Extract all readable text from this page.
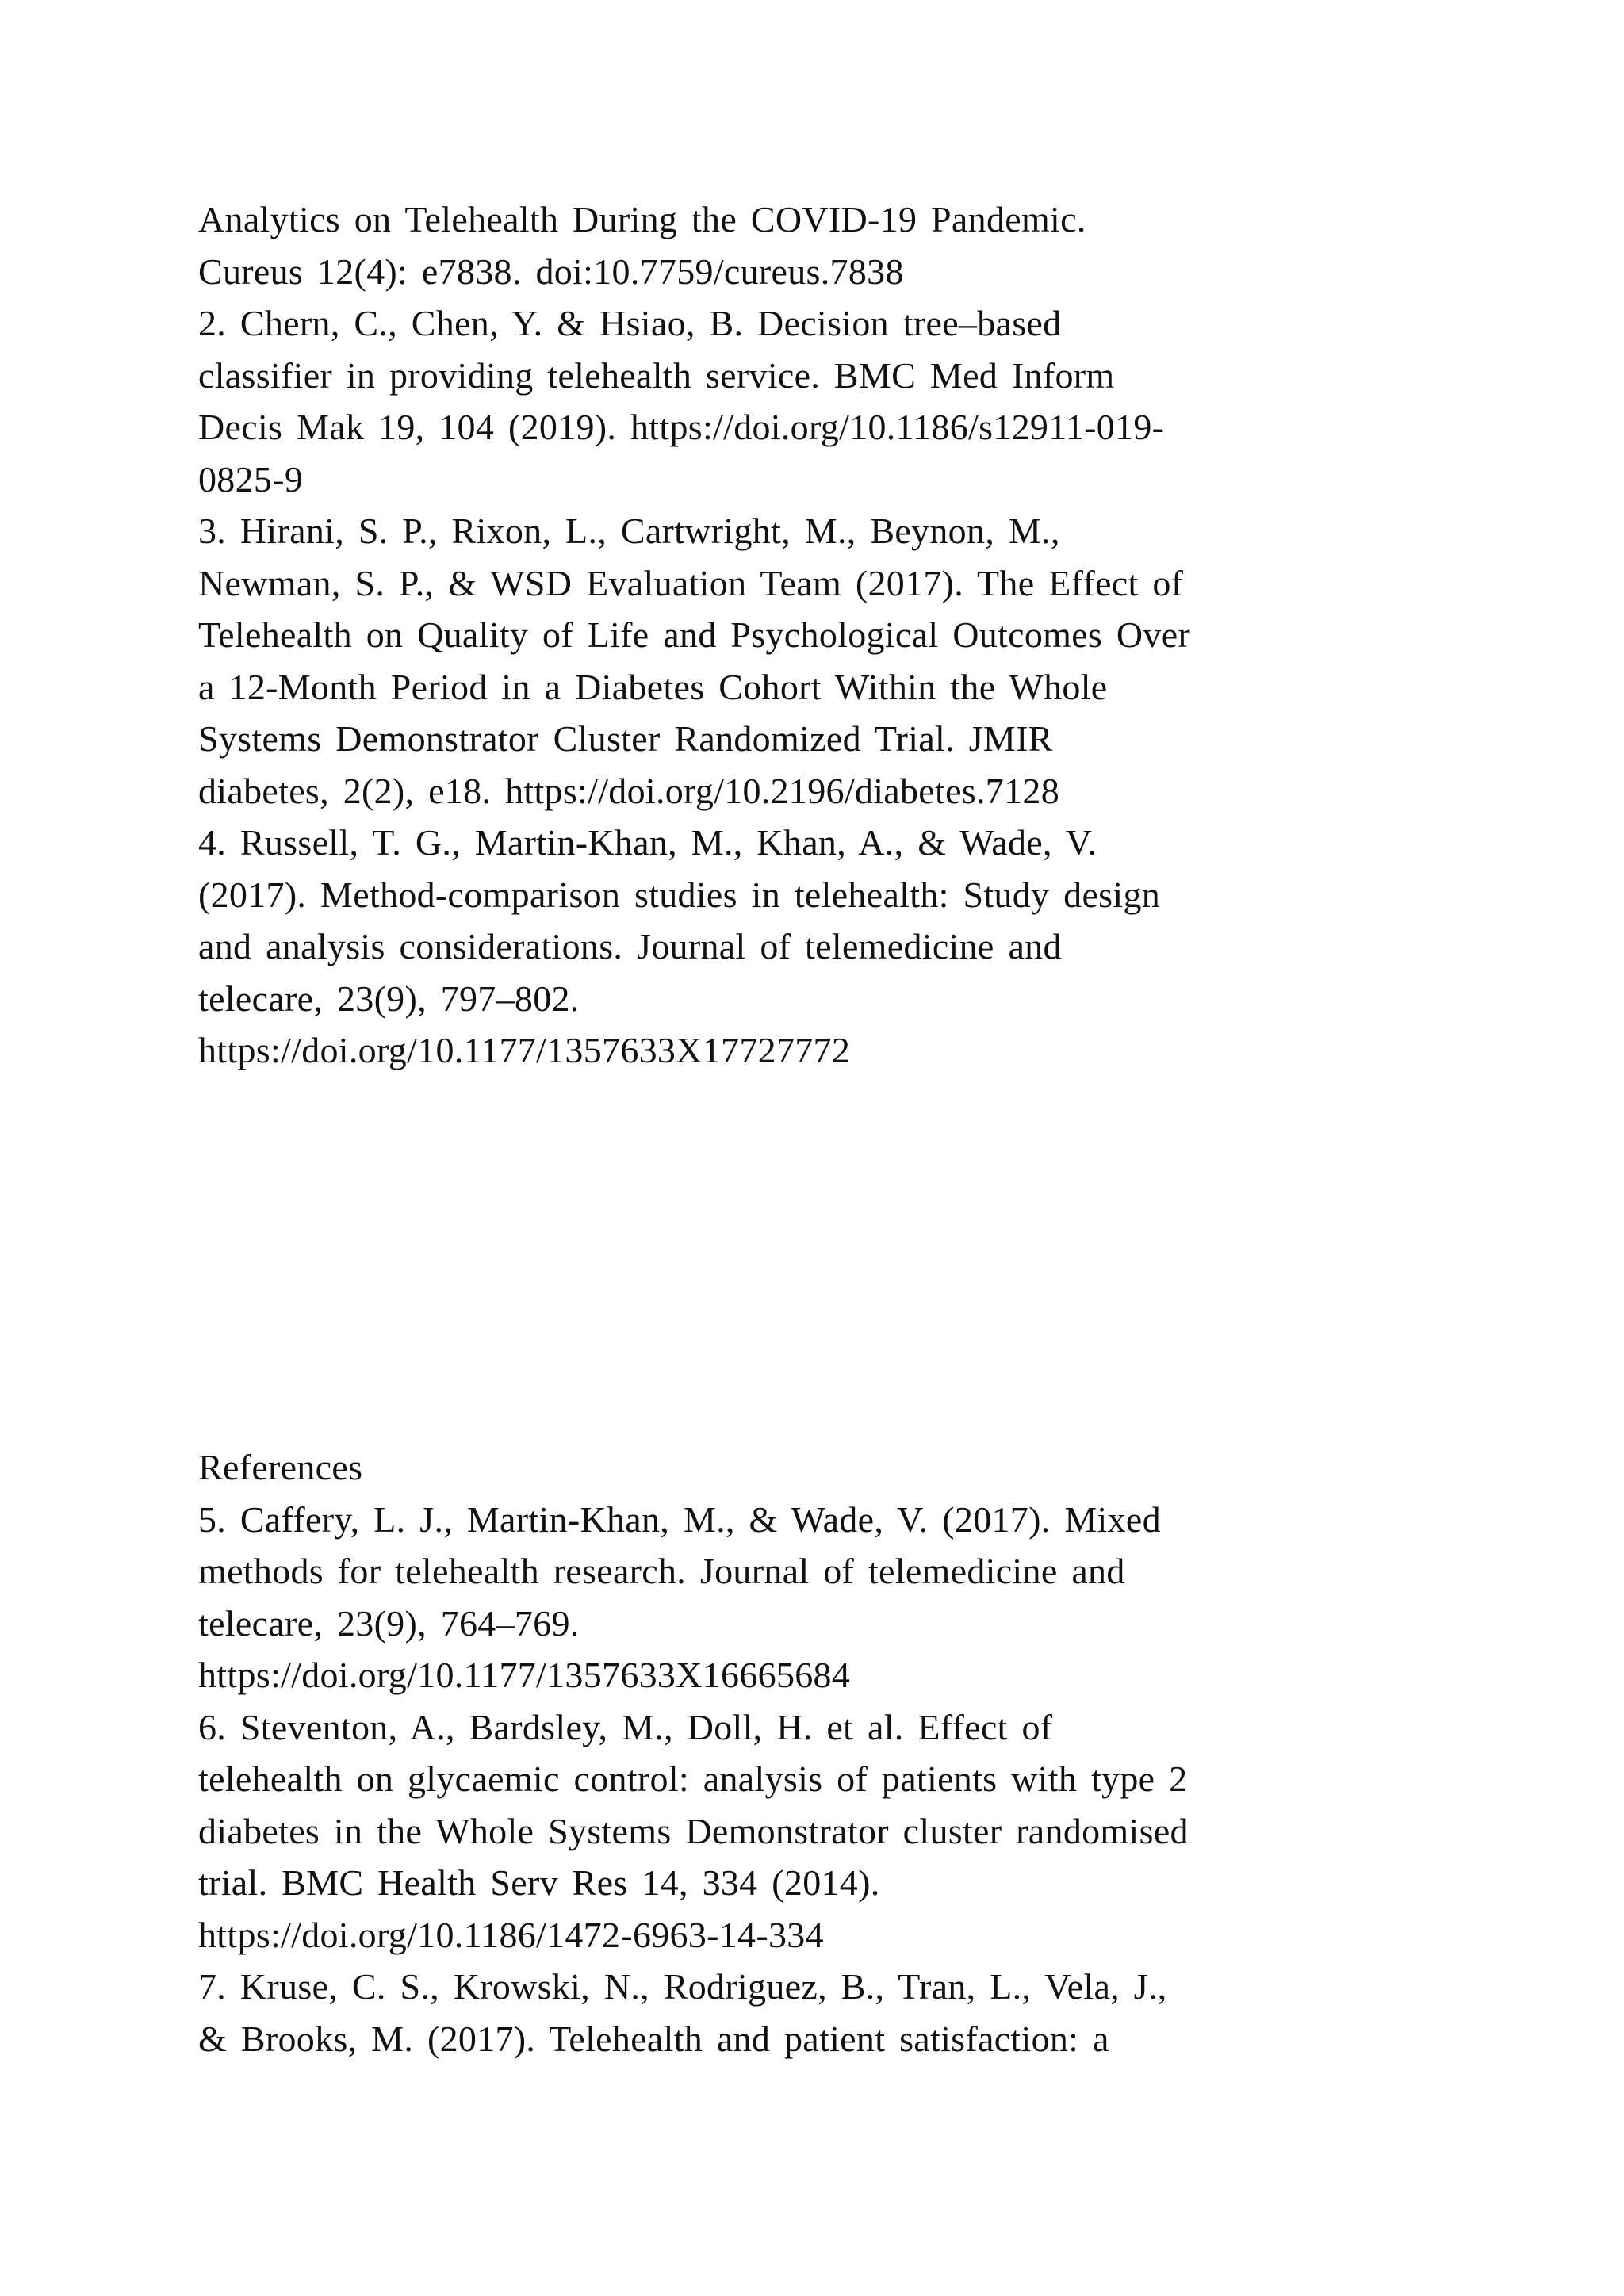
Analytics on Telehealth During the COVID-19 Pandemic.
Cureus 12(4): e7838. doi:10.7759/cureus.7838
2. Chern, C., Chen, Y. & Hsiao, B. Decision tree–based
classifier in providing telehealth service. BMC Med Inform
Decis Mak 19, 104 (2019). https://doi.org/10.1186/s12911-019-
0825-9
3. Hirani, S. P., Rixon, L., Cartwright, M., Beynon, M.,
Newman, S. P., & WSD Evaluation Team (2017). The Effect of
Telehealth on Quality of Life and Psychological Outcomes Over
a 12-Month Period in a Diabetes Cohort Within the Whole
Systems Demonstrator Cluster Randomized Trial. JMIR
diabetes, 2(2), e18. https://doi.org/10.2196/diabetes.7128
4. Russell, T. G., Martin-Khan, M., Khan, A., & Wade, V.
(2017). Method-comparison studies in telehealth: Study design
and analysis considerations. Journal of telemedicine and
telecare, 23(9), 797–802.
https://doi.org/10.1177/1357633X17727772
References
5. Caffery, L. J., Martin-Khan, M., & Wade, V. (2017). Mixed
methods for telehealth research. Journal of telemedicine and
telecare, 23(9), 764–769.
https://doi.org/10.1177/1357633X16665684
6. Steventon, A., Bardsley, M., Doll, H. et al. Effect of
telehealth on glycaemic control: analysis of patients with type 2
diabetes in the Whole Systems Demonstrator cluster randomised
trial. BMC Health Serv Res 14, 334 (2014).
https://doi.org/10.1186/1472-6963-14-334
7. Kruse, C. S., Krowski, N., Rodriguez, B., Tran, L., Vela, J.,
& Brooks, M. (2017). Telehealth and patient satisfaction: a
